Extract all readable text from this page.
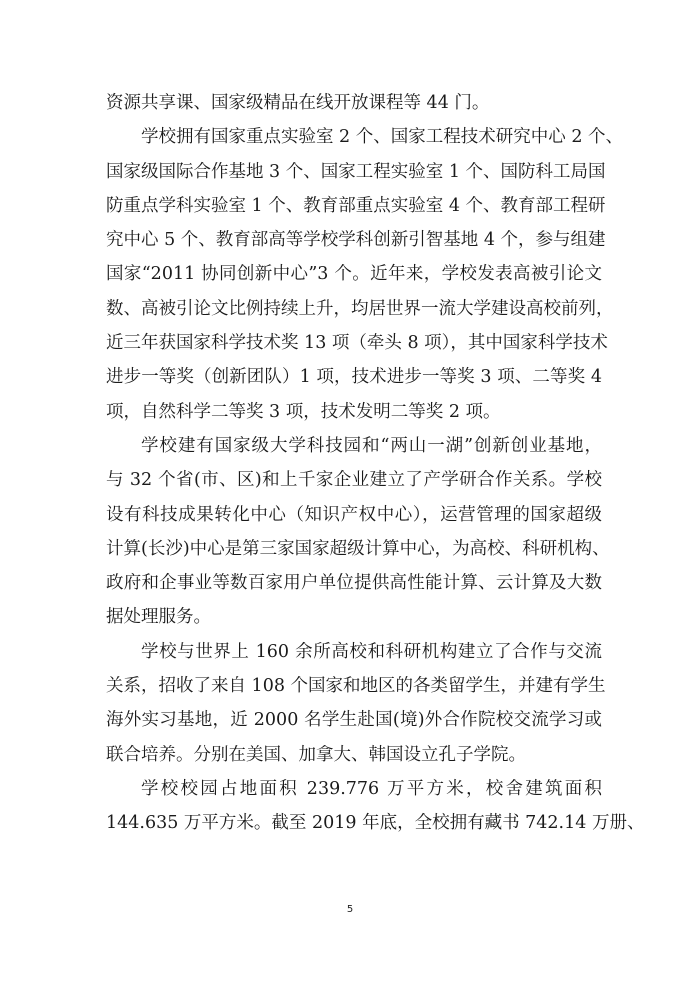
资源共享课、国家级精品在线开放课程等 44 门。
学校拥有国家重点实验室 2 个、国家工程技术研究中心 2 个、
国家级国际合作基地 3 个、国家工程实验室 1 个、国防科工局国
防重点学科实验室 1 个、教育部重点实验室 4 个、教育部工程研
究中心 5 个、教育部高等学校学科创新引智基地 4 个，参与组建
国家“2011 协同创新中心”3 个。近年来，学校发表高被引论文
数、高被引论文比例持续上升，均居世界一流大学建设高校前列，
近三年获国家科学技术奖 13 项（牵头 8 项），其中国家科学技术
进步一等奖（创新团队）1 项，技术进步一等奖 3 项、二等奖 4
项，自然科学二等奖 3 项，技术发明二等奖 2 项。
学校建有国家级大学科技园和“两山一湖”创新创业基地，
与 32 个省(市、区)和上千家企业建立了产学研合作关系。学校
设有科技成果转化中心（知识产权中心），运营管理的国家超级
计算(长沙)中心是第三家国家超级计算中心，为高校、科研机构、
政府和企事业等数百家用户单位提供高性能计算、云计算及大数
据处理服务。
学校与世界上 160 余所高校和科研机构建立了合作与交流
关系，招收了来自 108 个国家和地区的各类留学生，并建有学生
海外实习基地，近 2000 名学生赴国(境)外合作院校交流学习或
联合培养。分别在美国、加拿大、韩国设立孔子学院。
学校校园占地面积 239.776 万平方米，校舍建筑面积
144.635 万平方米。截至 2019 年底，全校拥有藏书 742.14 万册、
5
